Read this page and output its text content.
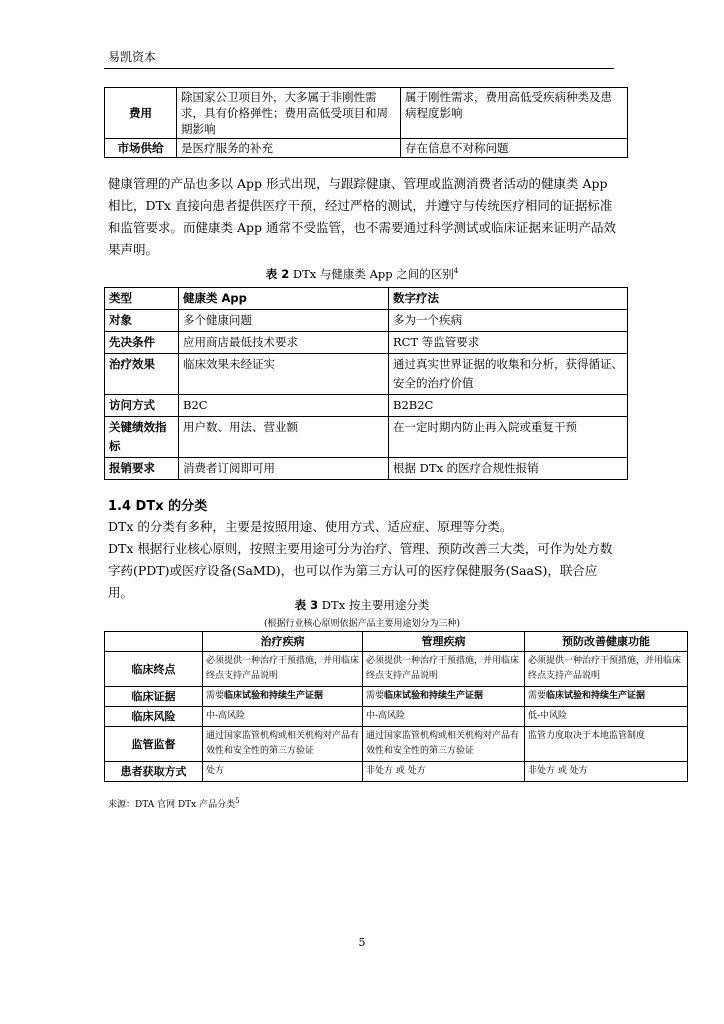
易凯资本
费用	除国家公卫项目外，大多属于非刚性需求，具有价格弹性；费用高低受项目和周期影响	属于刚性需求，费用高低受疾病种类及患病程度影响
市场供给	是医疗服务的补充	存在信息不对称问题
健康管理的产品也多以 App 形式出现，与跟踪健康、管理或监测消费者活动的健康类 App 相比，DTx 直接向患者提供医疗干预，经过严格的测试，并遵守与传统医疗相同的证据标准和监管要求。而健康类 App 通常不受监管，也不需要通过科学测试或临床证据来证明产品效果声明。
表 2 DTx 与健康类 App 之间的区别$^4$
类型	健康类 App	数字疗法
对象	多个健康问题	多为一个疾病
先决条件	应用商店最低技术要求	RCT 等监管要求
治疗效果	临床效果未经证实	通过真实世界证据的收集和分析，获得循证、安全的治疗价值
访问方式	B2C	B2B2C
关键绩效指标	用户数、用法、营业额	在一定时期内防止再入院或重复干预
报销要求	消费者订阅即可用	根据 DTx 的医疗合规性报销
1.4 DTx 的分类
DTx 的分类有多种，主要是按照用途、使用方式、适应症、原理等分类。
DTx 根据行业核心原则，按照主要用途可分为治疗、管理、预防改善三大类，可作为处方数字药(PDT)或医疗设备(SaMD)，也可以作为第三方认可的医疗保健服务(SaaS)，联合应用。
表 3 DTx 按主要用途分类
(根据行业核心原则依据产品主要用途划分为三种)
	治疗疾病	管理疾病	预防改善健康功能
临床终点	必须提供一种治疗干预措施，并用临床终点支持产品说明	必须提供一种治疗干预措施，并用临床终点支持产品说明	必须提供一种治疗干预措施，并用临床终点支持产品说明
临床证据	需要临床试验和持续生产证据	需要临床试验和持续生产证据	需要临床试验和持续生产证据
临床风险	中-高风险	中-高风险	低-中风险
监管监督	通过国家监管机构或相关机构对产品有效性和安全性的第三方验证	通过国家监管机构或相关机构对产品有效性和安全性的第三方验证	监管力度取决于本地监管制度
患者获取方式	处方	非处方 或 处方	非处方 或 处方
来源：DTA 官网 DTx 产品分类$^5$
5
